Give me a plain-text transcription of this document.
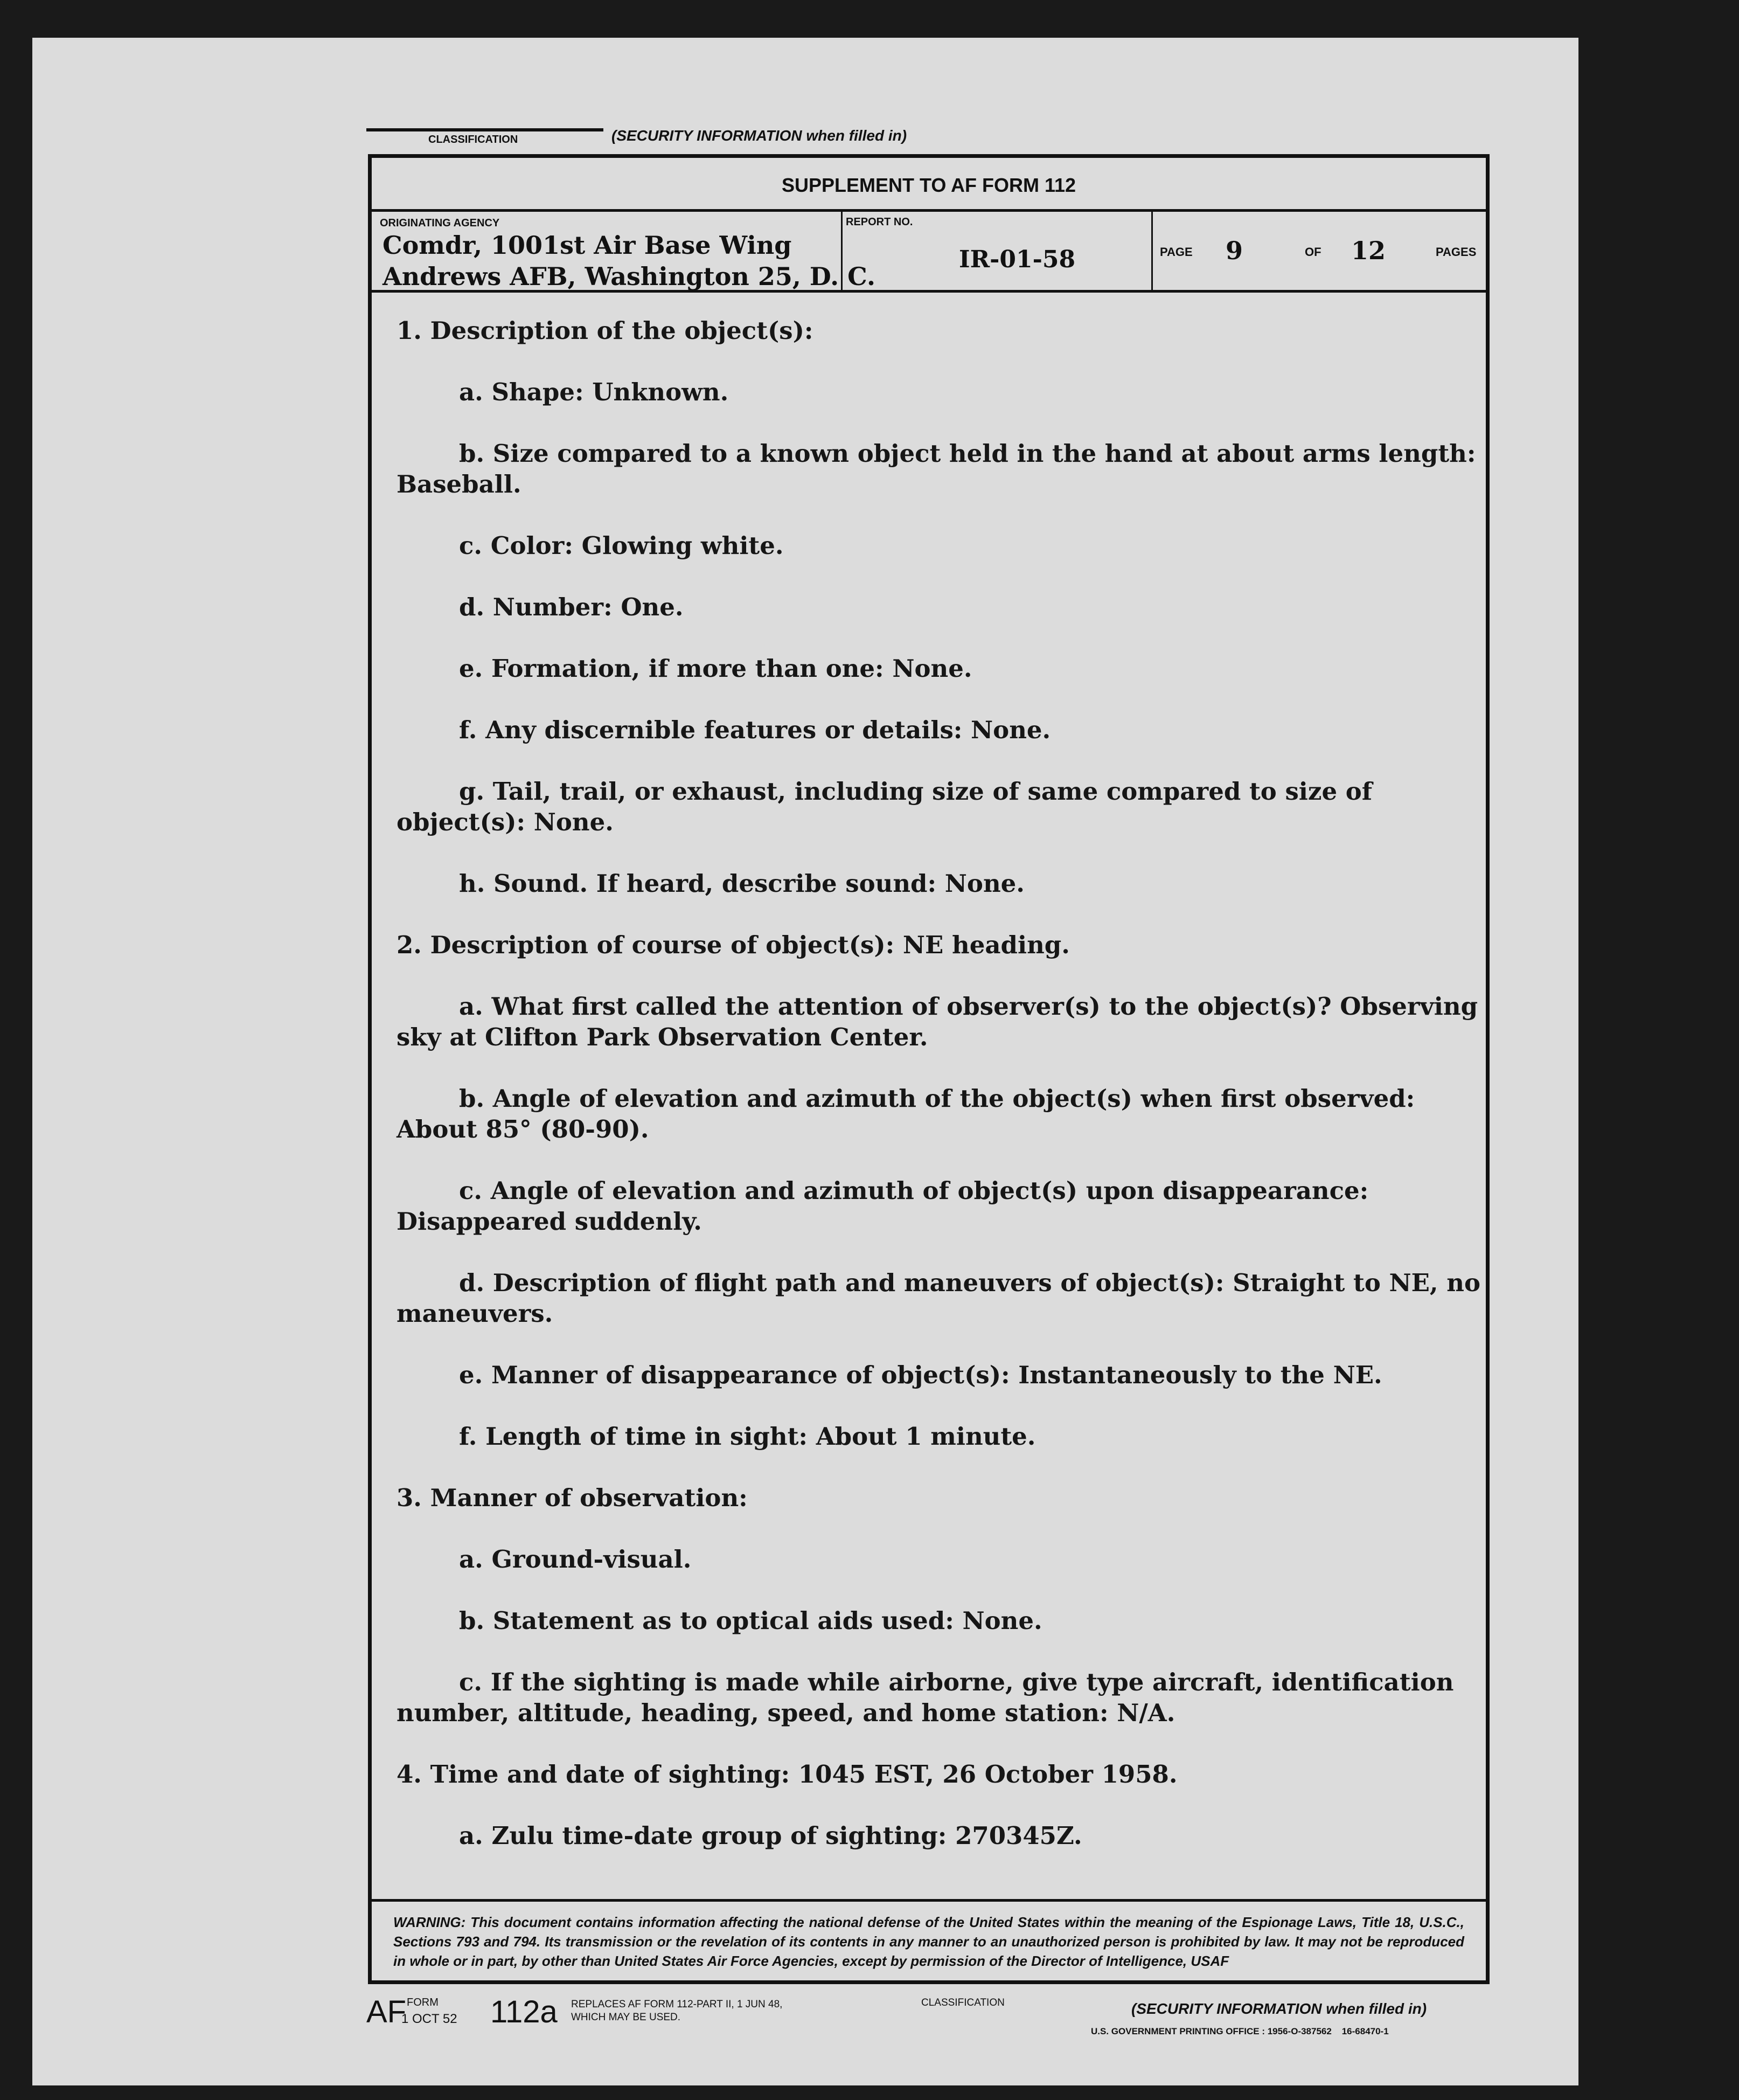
CLASSIFICATION	(SECURITY INFORMATION when filled in)
SUPPLEMENT TO AF FORM 112
ORIGINATING AGENCY
Comdr, 1001st Air Base Wing
Andrews AFB, Washington 25, D. C.
REPORT NO.
IR-01-58	PAGE 9	OF 12	PAGES
WARNING: This document contains information affecting the national defense of the United States within the meaning of the Espionage Laws, Title 18, U.S.C., Sections 793 and 794. Its transmission or the revelation of its contents in any manner to an unauthorized person is prohibited by law. It may not be reproduced in whole or in part, by other than United States Air Force Agencies, except by permission of the Director of Intelligence, USAF

1. Description of the object(s):

a. Shape: Unknown.

b. Size compared to a known object held in the hand at about arms length: Baseball.

c. Color: Glowing white.

d. Number: One.

e. Formation, if more than one: None.

f. Any discernible features or details: None.

g. Tail, trail, or exhaust, including size of same compared to size of object(s): None.

h. Sound. If heard, describe sound: None.

2. Description of course of object(s): NE heading.

a. What first called the attention of observer(s) to the object(s)? Observing sky at Clifton Park Observation Center.

b. Angle of elevation and azimuth of the object(s) when first observed: About 85° (80-90).

c. Angle of elevation and azimuth of object(s) upon disappearance: Disappeared suddenly.

d. Description of flight path and maneuvers of object(s): Straight to NE, no maneuvers.

e. Manner of disappearance of object(s): Instantaneously to the NE.

f. Length of time in sight: About 1 minute.

3. Manner of observation:

a. Ground-visual.

b. Statement as to optical aids used: None.

c. If the sighting is made while airborne, give type aircraft, identification number, altitude, heading, speed, and home station: N/A.

4. Time and date of sighting: 1045 EST, 26 October 1958.

a. Zulu time-date group of sighting: 270345Z.

AF FORM
1 OCT 52 112a REPLACES AF FORM 112-PART II, 1 JUN 48,
WHICH MAY BE USED.
CLASSIFICATION	(SECURITY INFORMATION when filled in)
U.S. GOVERNMENT PRINTING OFFICE : 1956-O-387562    16-68470-1
